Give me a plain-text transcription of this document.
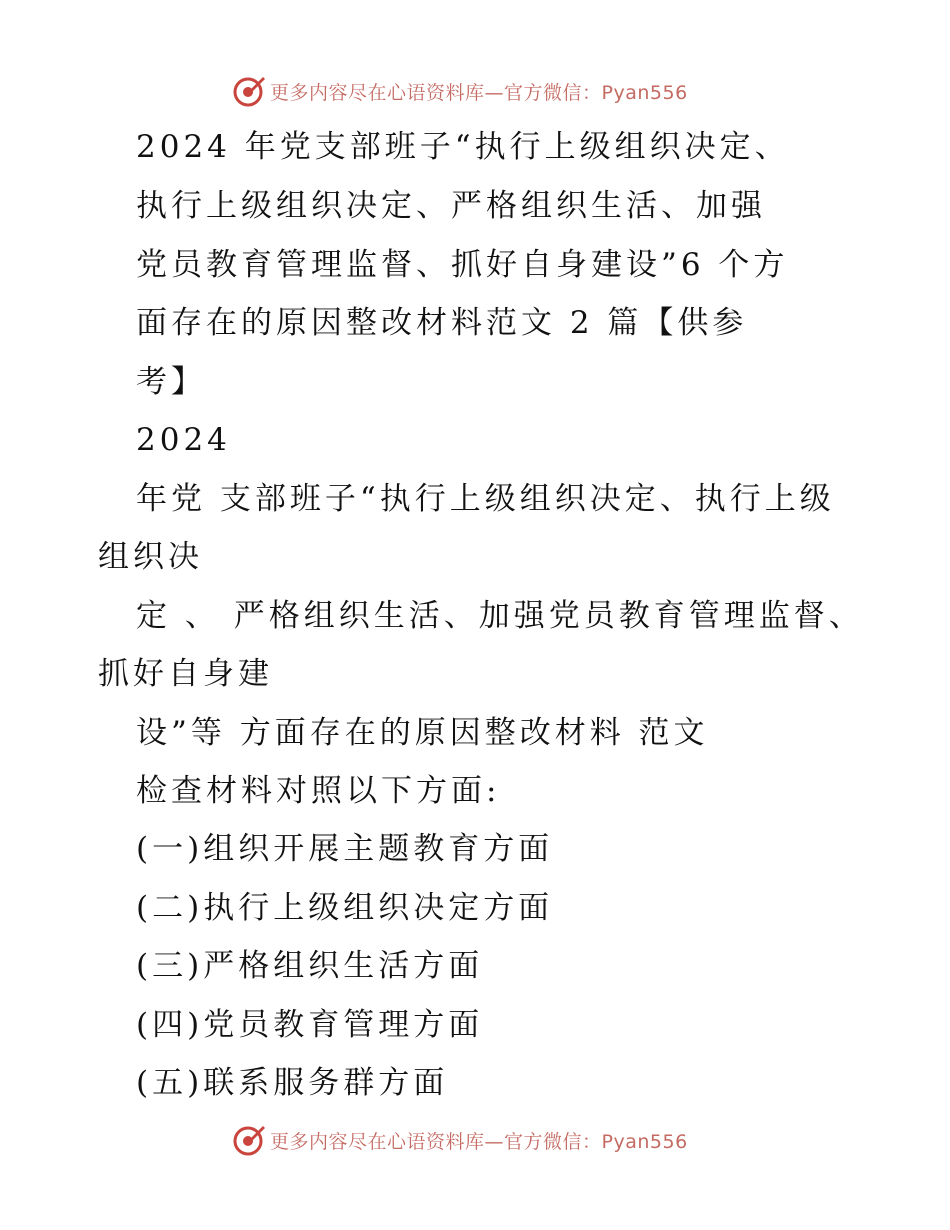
更多内容尽在心语资料库—官方微信：Pyan556
2024 年党支部班子“执行上级组织决定、
执行上级组织决定、严格组织生活、加强
党员教育管理监督、抓好自身建设”6 个方
面存在的原因整改材料范文 2 篇【供参
考】
2024
年党 支部班子“执行上级组织决定、执行上级
组织决
定 、 严格组织生活、加强党员教育管理监督、
抓好自身建
设”等 方面存在的原因整改材料 范文
检查材料对照以下方面:
(一)组织开展主题教育方面
(二)执行上级组织决定方面
(三)严格组织生活方面
(四)党员教育管理方面
(五)联系服务群方面
更多内容尽在心语资料库—官方微信：Pyan556
